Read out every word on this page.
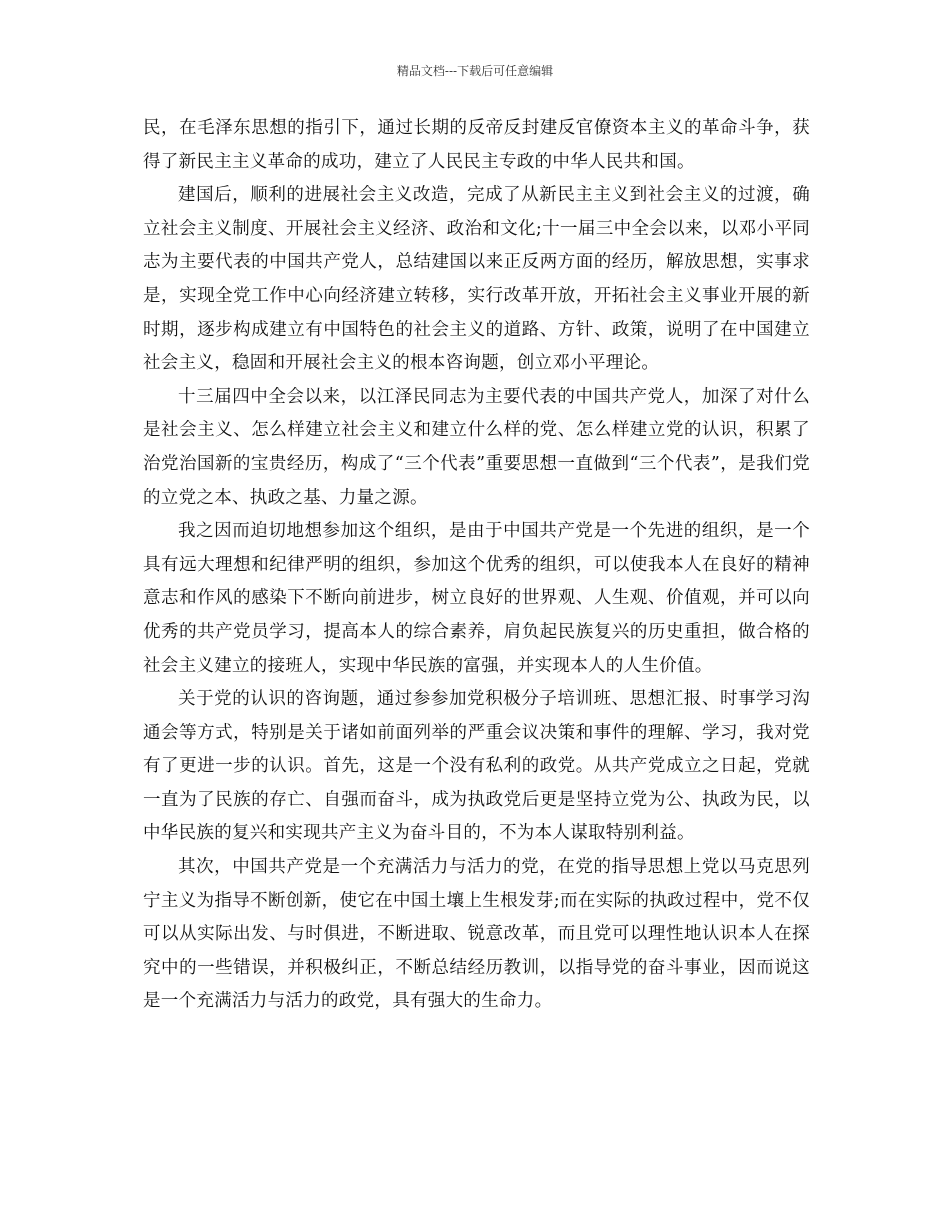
精品文档---下载后可任意编辑

民，在毛泽东思想的指引下，通过长期的反帝反封建反官僚资本主义的革命斗争，获得了新民主主义革命的成功，建立了人民民主专政的中华人民共和国。

建国后，顺利的进展社会主义改造，完成了从新民主主义到社会主义的过渡，确立社会主义制度、开展社会主义经济、政治和文化;十一届三中全会以来，以邓小平同志为主要代表的中国共产党人，总结建国以来正反两方面的经历，解放思想，实事求是，实现全党工作中心向经济建立转移，实行改革开放，开拓社会主义事业开展的新时期，逐步构成建立有中国特色的社会主义的道路、方针、政策，说明了在中国建立社会主义，稳固和开展社会主义的根本咨询题，创立邓小平理论。

十三届四中全会以来，以江泽民同志为主要代表的中国共产党人，加深了对什么是社会主义、怎么样建立社会主义和建立什么样的党、怎么样建立党的认识，积累了治党治国新的宝贵经历，构成了“三个代表”重要思想一直做到“三个代表”，是我们党的立党之本、执政之基、力量之源。

我之因而迫切地想参加这个组织，是由于中国共产党是一个先进的组织，是一个具有远大理想和纪律严明的组织，参加这个优秀的组织，可以使我本人在良好的精神意志和作风的感染下不断向前进步，树立良好的世界观、人生观、价值观，并可以向优秀的共产党员学习，提高本人的综合素养，肩负起民族复兴的历史重担，做合格的社会主义建立的接班人，实现中华民族的富强，并实现本人的人生价值。

关于党的认识的咨询题，通过参参加党积极分子培训班、思想汇报、时事学习沟通会等方式，特别是关于诸如前面列举的严重会议决策和事件的理解、学习，我对党有了更进一步的认识。首先，这是一个没有私利的政党。从共产党成立之日起，党就一直为了民族的存亡、自强而奋斗，成为执政党后更是坚持立党为公、执政为民，以中华民族的复兴和实现共产主义为奋斗目的，不为本人谋取特别利益。

其次，中国共产党是一个充满活力与活力的党，在党的指导思想上党以马克思列宁主义为指导不断创新，使它在中国土壤上生根发芽;而在实际的执政过程中，党不仅可以从实际出发、与时俱进，不断进取、锐意改革，而且党可以理性地认识本人在探究中的一些错误，并积极纠正，不断总结经历教训，以指导党的奋斗事业，因而说这是一个充满活力与活力的政党，具有强大的生命力。
